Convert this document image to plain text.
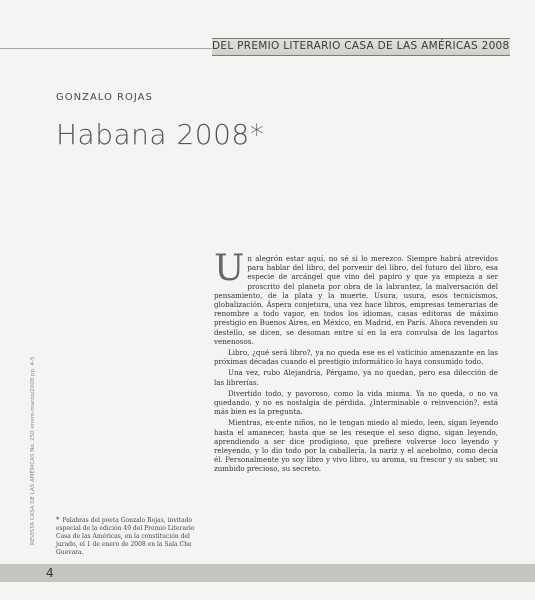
DEL PREMIO LITERARIO CASA DE LAS AMÉRICAS 2008
GONZALO ROJAS
Habana 2008*

Un alegrón estar aquí, no sé si lo merezco. Siempre habrá atrevidos para hablar del libro, del porvenir del libro, del futuro del libro, esa especie de arcángel que vino del papiro y que ya empieza a ser proscrito del planeta por obra de la labrantez, la malversación del pensamiento, de la plata y la muerte. Usura, usura, esos tecnicismos, globalización. Áspera conjetura, una vez hace libros, empresas temerarias de renombre a todo vapor, en todos los idiomas, casas editoras de máximo prestigio en Buenos Aires, en México, en Madrid, en París. Ahora revenden su destello, se dicen, se desoman entre sí en la era convulsa de los lagartos venenosos.

Libro, ¿qué será libro?, ya no queda ese es el vaticinio amenazante en las próximas décadas cuando el prestigio informático lo haya consumido todo.

Una vez, rubo Alejandría, Pérgamo, ya no quedan, pero esa dilección de las librerías.

Divertido todo, y pavoroso, como la vida misma. Ya no queda, o no va quedando, y no es nostalgia de pérdida. ¿Interminable o reinvención?, está más bien es la pregunta.

Mientras, ex-ente niños, no le tengan miedo al miedo, leen, sigan leyendo hasta el amanecer, hasta que se les reseque el seso digno, sigan leyendo, aprendiendo a ser dice prodigioso, que prefiere volverse loco leyendo y releyendo, y lo dio todo por la caballería, la nariz y el acebolmo, como decía él. Personalmente yo soy libro y vivo libro, su aroma, su frescor y su saber, su zumbido precioso, su secreto.

* Palabras del poeta Gonzalo Rojas, invitado especial de la edición 49 del Premio Literario Casa de las Américas, en la constitución del jurado, el 1 de enero de 2008 en la Sala Che Guevara.
REVISTA CASA DE LAS AMÉRICAS No. 250 enero-marzo/2008 pp. 4-5
4
